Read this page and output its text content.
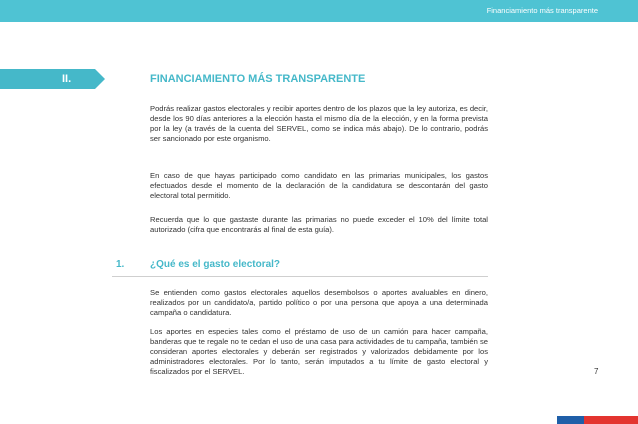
Financiamiento más transparente
II.	FINANCIAMIENTO MÁS TRANSPARENTE

Podrás realizar gastos electorales y recibir aportes dentro de los plazos que la ley autoriza, es decir, desde los 90 días anteriores a la elección hasta el mismo día de la elección, y en la forma prevista por la ley (a través de la cuenta del SERVEL, como se indica más abajo). De lo contrario, podrás ser sancionado por este organismo.

En caso de que hayas participado como candidato en las primarias municipales, los gastos efectuados desde el momento de la declaración de la candidatura se descontarán del gasto electoral total permitido.

Recuerda que lo que gastaste durante las primarias no puede exceder el 10% del límite total autorizado (cifra que encontrarás al final de esta guía).

1.	¿Qué es el gasto electoral?

Se entienden como gastos electorales aquellos desembolsos o aportes avaluables en dinero, realizados por un candidato/a, partido político o por una persona que apoya a una determinada campaña o candidatura.

Los aportes en especies tales como el préstamo de uso de un camión para hacer campaña, banderas que te regale no te cedan el uso de una casa para actividades de tu campaña, también se consideran aportes electorales y deberán ser registrados y valorizados debidamente por los administradores electorales. Por lo tanto, serán imputados a tu límite de gasto electoral y fiscalizados por el SERVEL.	7
